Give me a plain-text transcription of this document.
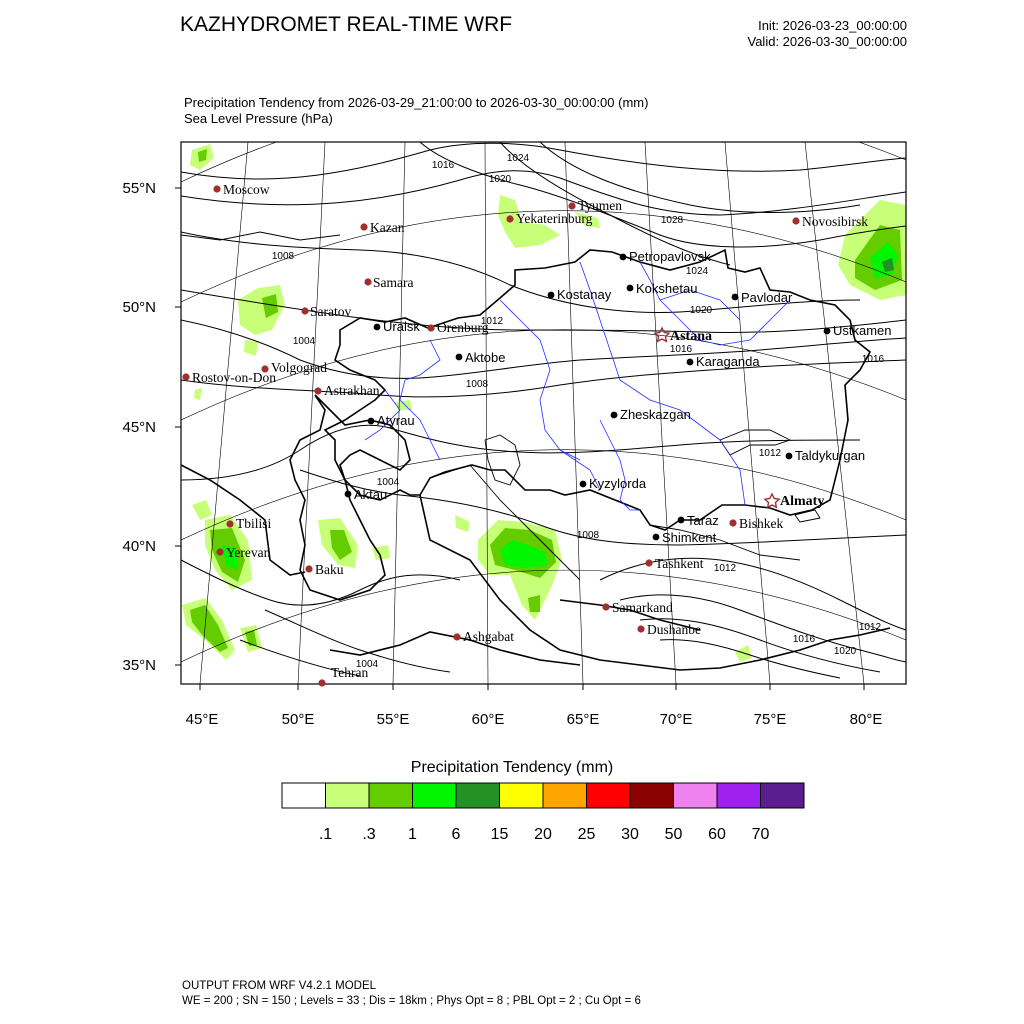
KAZHYDROMET REAL-TIME WRF	Init: 2026-03-23_00:00:00
Valid: 2026-03-30_00:00:00
Precipitation Tendency from 2026-03-29_21:00:00 to 2026-03-30_00:00:00 (mm)
Sea Level Pressure (hPa)
55°N
50°N
45°N
40°N
35°N
45°E	50°E	55°E	60°E	65°E	70°E	75°E	80°E
1016
1024
1020
1028
1008
1024
1020
1012
1016
1004
1008
1016
1012
1004
1008
1012
1016
1012
1020
1004
Moscow
Kazan
Tyumen
Yekaterinburg	Novosibirsk
Samara
Saratov
Orenburg
Volgograd
Rostov-on-Don
Astrakhan
Tbilisi
Yerevan
Baku
Ashgabat
Tehran
Samarkand
Dushanbe
Tashkent
Bishkek
Petropavlovsk
Kokshetau
Kostanay	Pavlodar
Uralsk
Aktobe
Ustkamen
Karaganda
Atyrau	Zheskazgan
Taldykurgan
Kyzylorda
Aktau
Taraz
Shimkent
Astana
Almaty
Precipitation Tendency (mm)
.1 .3 1 6 15 20 25 30 50 60 70
OUTPUT FROM WRF V4.2.1 MODEL
WE = 200 ; SN = 150 ; Levels = 33 ; Dis = 18km ; Phys Opt = 8 ; PBL Opt = 2 ; Cu Opt = 6
